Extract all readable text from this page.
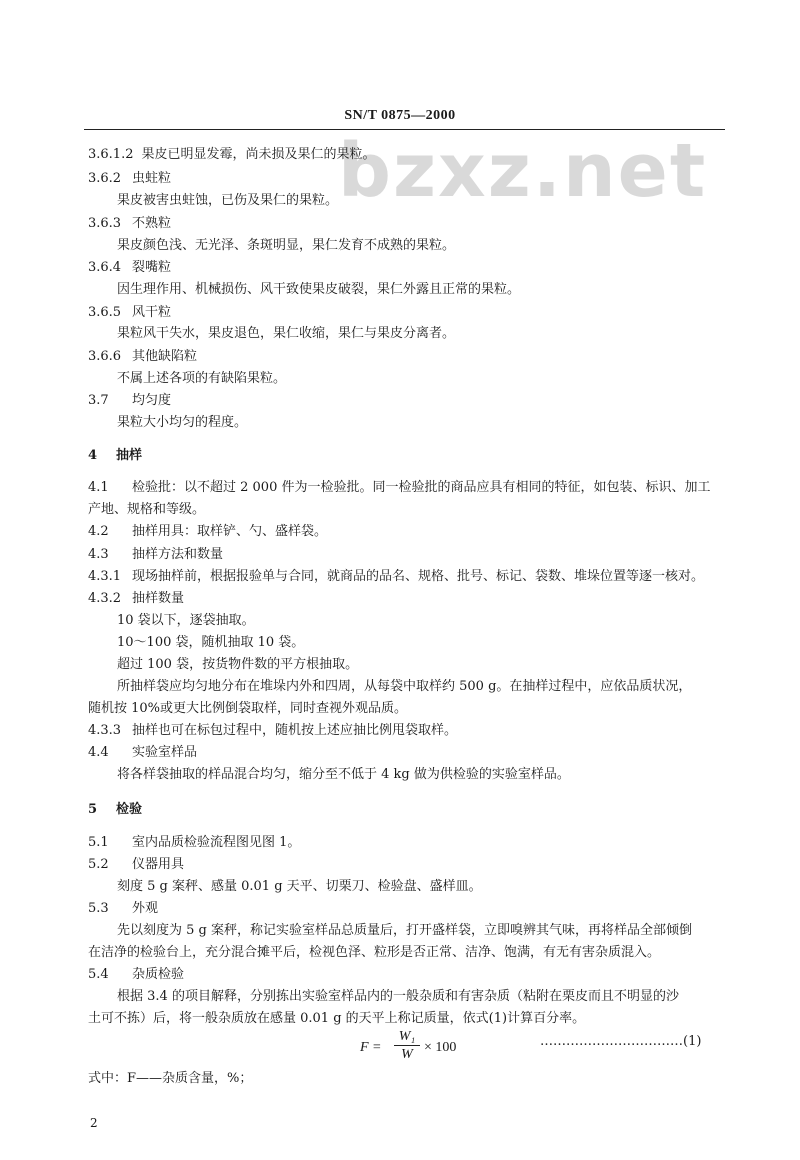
SN/T 0875—2000
bzxz.net
3.6.1.2 果皮已明显发霉，尚未损及果仁的果粒。
3.6.2 虫蛀粒
果皮被害虫蛀蚀，已伤及果仁的果粒。
3.6.3 不熟粒
果皮颜色浅、无光泽、条斑明显，果仁发育不成熟的果粒。
3.6.4 裂嘴粒
因生理作用、机械损伤、风干致使果皮破裂，果仁外露且正常的果粒。
3.6.5 风干粒
果粒风干失水，果皮退色，果仁收缩，果仁与果皮分离者。
3.6.6 其他缺陷粒
不属上述各项的有缺陷果粒。
3.7 均匀度
果粒大小均匀的程度。
4 抽样
4.1 检验批：以不超过 2 000 件为一检验批。同一检验批的商品应具有相同的特征，如包装、标识、加工
产地、规格和等级。
4.2 抽样用具：取样铲、勺、盛样袋。
4.3 抽样方法和数量
4.3.1 现场抽样前，根据报验单与合同，就商品的品名、规格、批号、标记、袋数、堆垛位置等逐一核对。
4.3.2 抽样数量
10 袋以下，逐袋抽取。
10～100 袋，随机抽取 10 袋。
超过 100 袋，按货物件数的平方根抽取。
所抽样袋应均匀地分布在堆垛内外和四周，从每袋中取样约 500 g。在抽样过程中，应依品质状况，
随机按 10%或更大比例倒袋取样，同时查视外观品质。
4.3.3 抽样也可在标包过程中，随机按上述应抽比例甩袋取样。
4.4 实验室样品
将各样袋抽取的样品混合均匀，缩分至不低于 4 kg 做为供检验的实验室样品。
5 检验
5.1 室内品质检验流程图见图 1。
5.2 仪器用具
刻度 5 g 案秤、感量 0.01 g 天平、切栗刀、检验盘、盛样皿。
5.3 外观
先以刻度为 5 g 案秤，称记实验室样品总质量后，打开盛样袋，立即嗅辨其气味，再将样品全部倾倒
在洁净的检验台上，充分混合摊平后，检视色泽、粒形是否正常、洁净、饱满，有无有害杂质混入。
5.4 杂质检验
根据 3.4 的项目解释，分别拣出实验室样品内的一般杂质和有害杂质（粘附在栗皮而且不明显的沙
土可不拣）后，将一般杂质放在感量 0.01 g 的天平上称记质量，依式(1)计算百分率。
$F = \frac{\text{W₁}}{W} \times 100$	……………………………(1)
式中：F——杂质含量，%；
2
